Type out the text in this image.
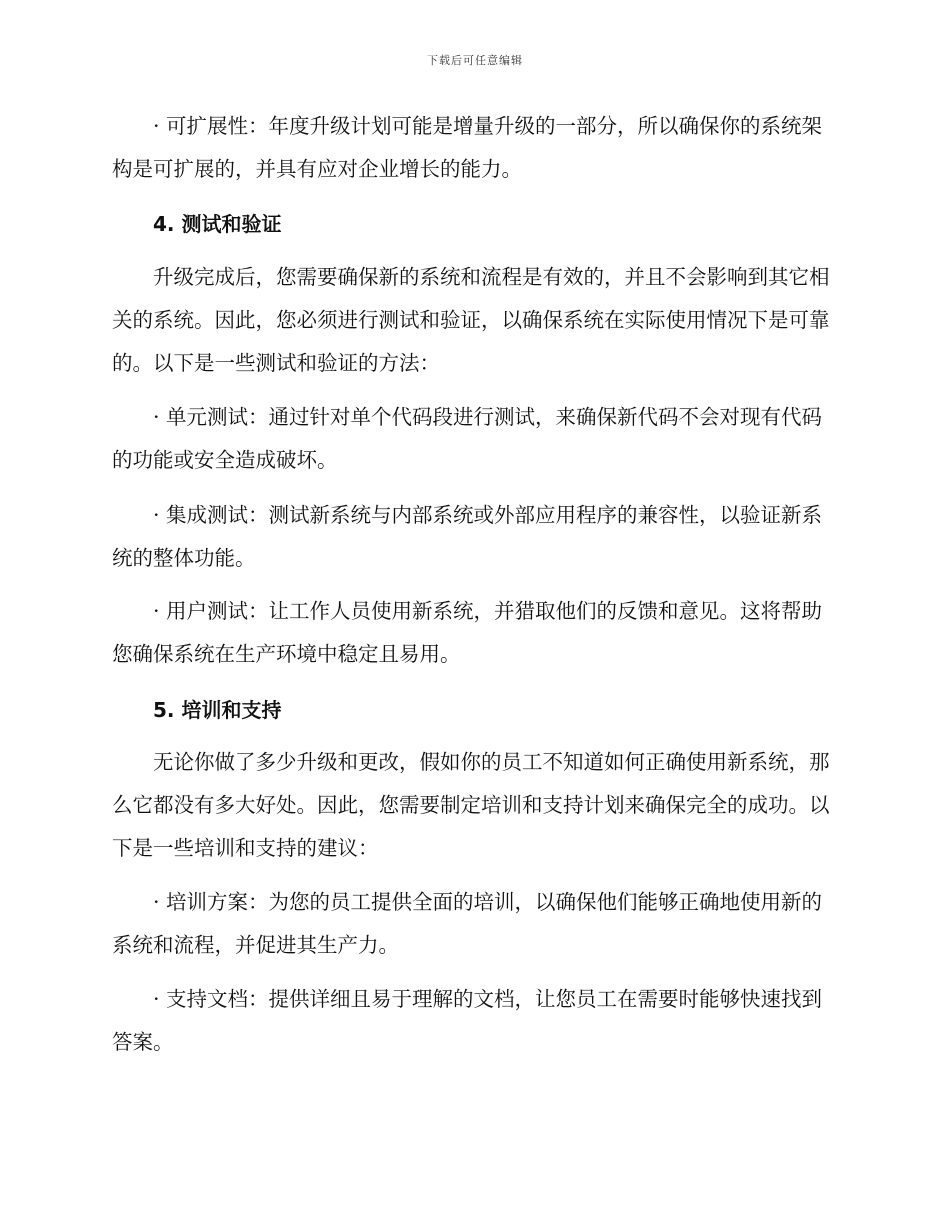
下载后可任意编辑

· 可扩展性：年度升级计划可能是增量升级的一部分，所以确保你的系统架构是可扩展的，并具有应对企业增长的能力。

4. 测试和验证

升级完成后，您需要确保新的系统和流程是有效的，并且不会影响到其它相关的系统。因此，您必须进行测试和验证，以确保系统在实际使用情况下是可靠的。以下是一些测试和验证的方法：

· 单元测试：通过针对单个代码段进行测试，来确保新代码不会对现有代码的功能或安全造成破坏。

· 集成测试：测试新系统与内部系统或外部应用程序的兼容性，以验证新系统的整体功能。

· 用户测试：让工作人员使用新系统，并猎取他们的反馈和意见。这将帮助您确保系统在生产环境中稳定且易用。

5. 培训和支持

无论你做了多少升级和更改，假如你的员工不知道如何正确使用新系统，那么它都没有多大好处。因此，您需要制定培训和支持计划来确保完全的成功。以下是一些培训和支持的建议：

· 培训方案：为您的员工提供全面的培训，以确保他们能够正确地使用新的系统和流程，并促进其生产力。

· 支持文档：提供详细且易于理解的文档，让您员工在需要时能够快速找到答案。
